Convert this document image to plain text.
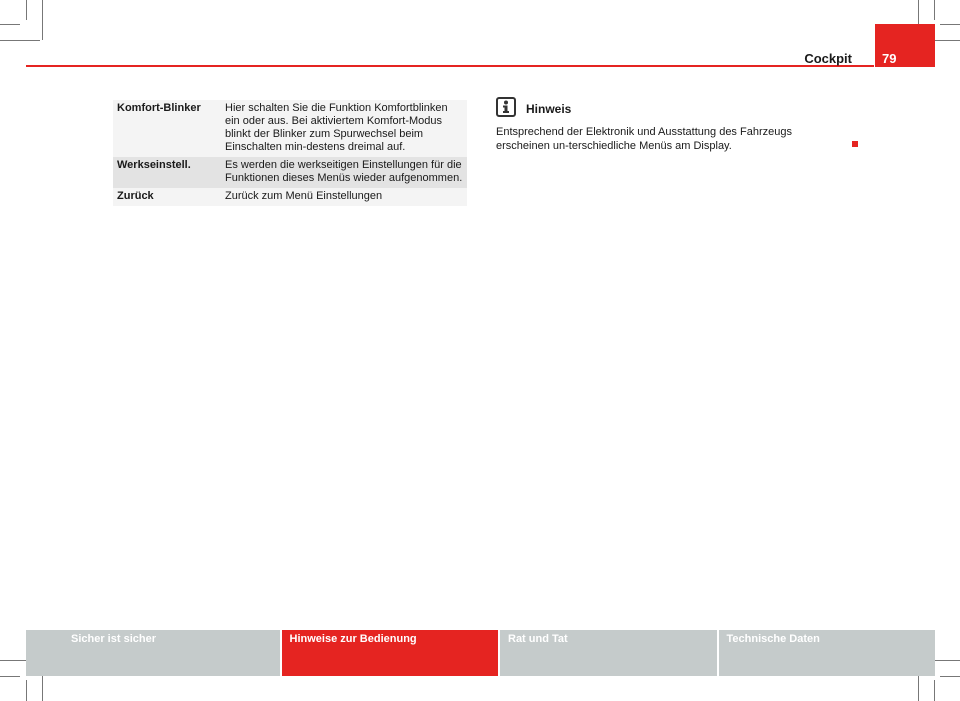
79
Cockpit
Komfort-Blinker	Hier schalten Sie die Funktion Komfortblinken ein oder aus. Bei aktiviertem Komfort-Modus blinkt der Blinker zum Spurwechsel beim Einschalten min-destens dreimal auf.
Werkseinstell.	Es werden die werkseitigen Einstellungen für die Funktionen dieses Menüs wieder aufgenommen.
Zurück	Zurück zum Menü Einstellungen
Hinweis
Entsprechend der Elektronik und Ausstattung des Fahrzeugs erscheinen un-terschiedliche Menüs am Display.
Sicher ist sicher	Hinweise zur Bedienung	Rat und Tat	Technische Daten
